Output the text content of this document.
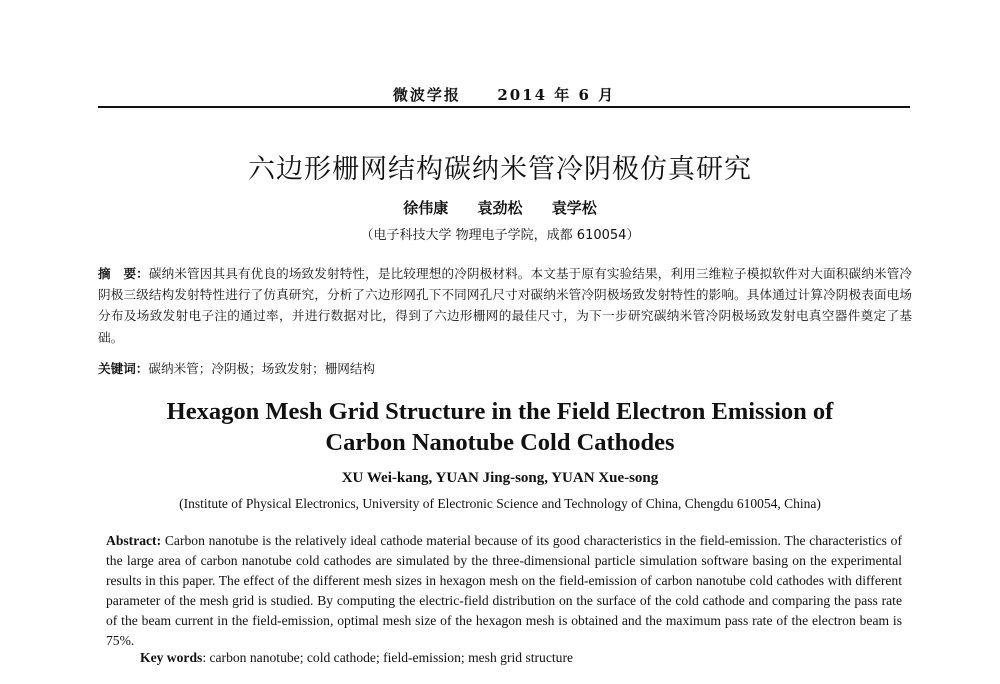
微波学报 2014 年 6 月
六边形栅网结构碳纳米管冷阴极仿真研究
徐伟康 袁劲松 袁学松
（电子科技大学 物理电子学院，成都 610054）
摘　要：碳纳米管因其具有优良的场致发射特性，是比较理想的冷阴极材料。本文基于原有实验结果，利用三维粒子模拟软件对大面积碳纳米管冷阴极三级结构发射特性进行了仿真研究，分析了六边形网孔下不同网孔尺寸对碳纳米管冷阴极场致发射特性的影响。具体通过计算冷阴极表面电场分布及场致发射电子注的通过率，并进行数据对比，得到了六边形栅网的最佳尺寸，为下一步研究碳纳米管冷阴极场致发射电真空器件奠定了基础。
关键词：碳纳米管；冷阴极；场致发射；栅网结构
Hexagon Mesh Grid Structure in the Field Electron Emission of
Carbon Nanotube Cold Cathodes
XU Wei-kang, YUAN Jing-song, YUAN Xue-song
(Institute of Physical Electronics, University of Electronic Science and Technology of China, Chengdu 610054, China)
Abstract: Carbon nanotube is the relatively ideal cathode material because of its good characteristics in the field-emission. The characteristics of the large area of carbon nanotube cold cathodes are simulated by the three-dimensional particle simulation software basing on the experimental results in this paper. The effect of the different mesh sizes in hexagon mesh on the field-emission of carbon nanotube cold cathodes with different parameter of the mesh grid is studied. By computing the electric-field distribution on the surface of the cold cathode and comparing the pass rate of the beam current in the field-emission, optimal mesh size of the hexagon mesh is obtained and the maximum pass rate of the electron beam is 75%.
Key words: carbon nanotube; cold cathode; field-emission; mesh grid structure
